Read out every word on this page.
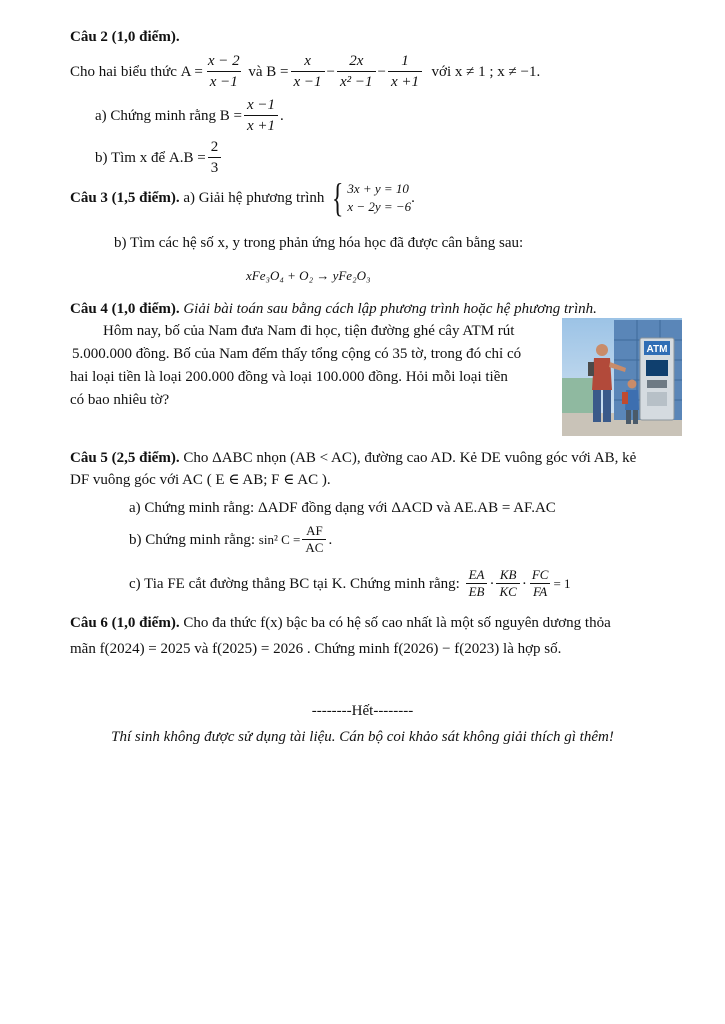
Câu 2 (1,0 điểm).
Cho hai biểu thức
$A = \frac{x - 2}{x -1}$
và
$B = \frac{x}{x -1} - \frac{2x}{\text{x² −1}} - \frac{1}{x +1}$
với x ≠ 1 ; x ≠ −1.
a) Chứng minh rằng
$B = \frac{x -1}{x +1}$ .
b) Tìm x để
$A.B = \frac{2}{3}$
Câu 3 (1,5 điểm).
a) Giải hệ phương trình
{ 3x + y = 10
x − 2y = −6
.
b) Tìm các hệ số x, y trong phản ứng hóa học đã được cân bằng sau:
xFe₃O₄ + O₂ → yFe₂O₃
Câu 4 (1,0 điểm). Giải bài toán sau bằng cách lập phương trình hoặc hệ phương trình.
Hôm nay, bố của Nam đưa Nam đi học, tiện đường ghé cây ATM rút
5.000.000 đồng. Bố của Nam đếm thấy tổng cộng có 35 tờ, trong đó chỉ có
hai loại tiền là loại 200.000 đồng và loại 100.000 đồng. Hỏi mỗi loại tiền
có bao nhiêu tờ?
ATM
Câu 5 (2,5 điểm). Cho ΔABC nhọn (AB < AC), đường cao AD. Kẻ DE vuông góc với AB, kẻ
DF vuông góc với AC ( E ∈ AB; F ∈ AC ).
a) Chứng minh rằng: ΔADF đồng dạng với ΔACD và AE.AB = AF.AC
b) Chứng minh rằng:
sin² $C = \frac{AF}{AC}$ .
c) Tia FE cắt đường thẳng BC tại K. Chứng minh rằng:
$\frac{EA}{EB} \cdot \frac{KB}{KC} \cdot \frac{FC}{FA} = 1$
Câu 6 (1,0 điểm). Cho đa thức f(x) bậc ba có hệ số cao nhất là một số nguyên dương thỏa
mãn f(2024) = 2025 và f(2025) = 2026 . Chứng minh f(2026) − f(2023) là hợp số.
--------Hết--------
Thí sinh không được sử dụng tài liệu. Cán bộ coi khảo sát không giải thích gì thêm!
